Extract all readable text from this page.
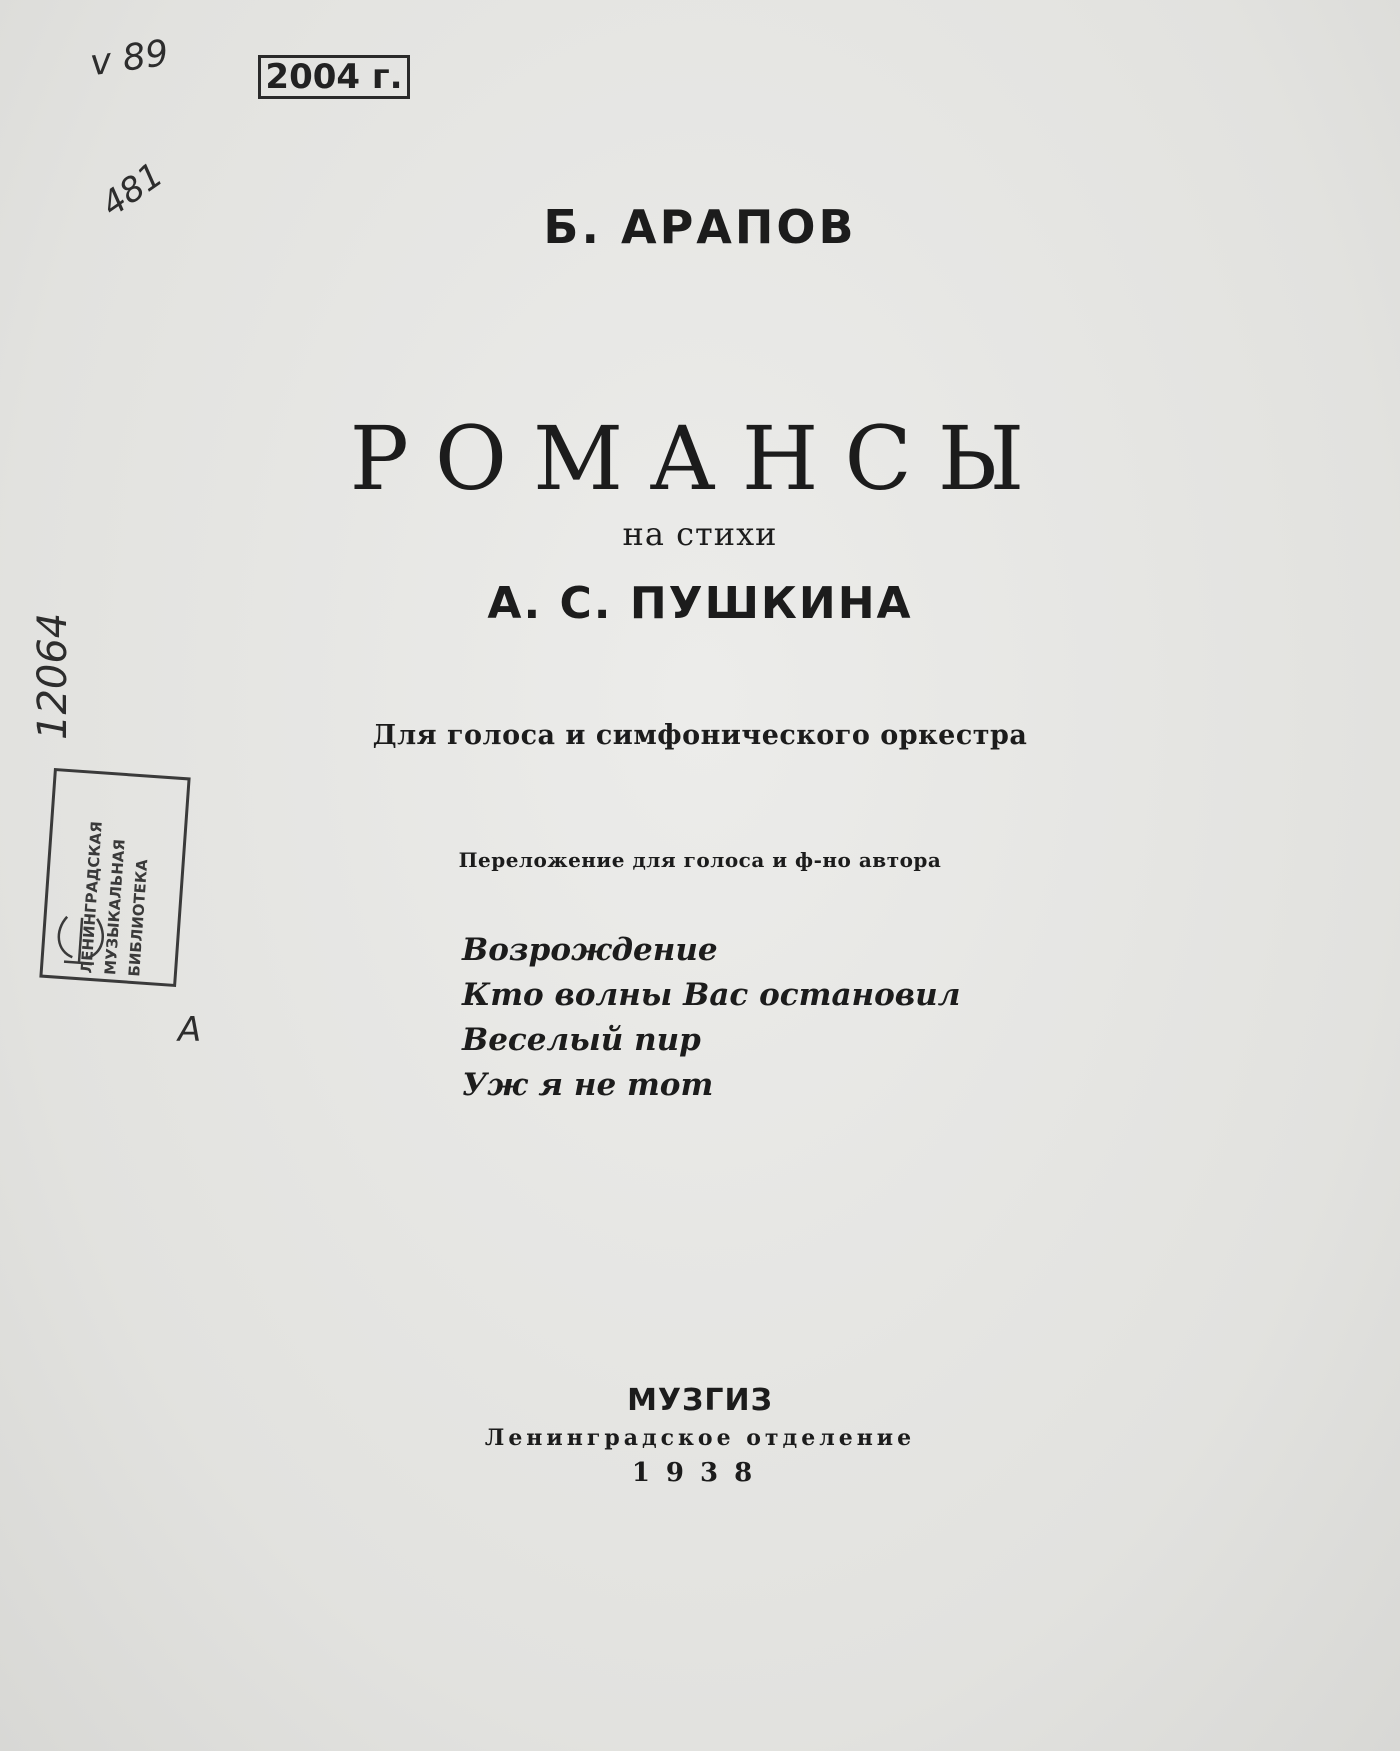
v 89	2004 г.
481
12064
A
ЛЕНИНГРАДСКАЯ
МУЗЫКАЛЬНАЯ
БИБЛИОТЕКА
Б. АРАПОВ
РОМАНСЫ
на стихи
А. С. ПУШКИНА
Для голоса и симфонического оркестра
Переложение для голоса и ф-но автора
Возрождение
Кто волны Вас остановил
Веселый пир
Уж я не тот
МУЗГИЗ
Ленинградское отделение
1938
